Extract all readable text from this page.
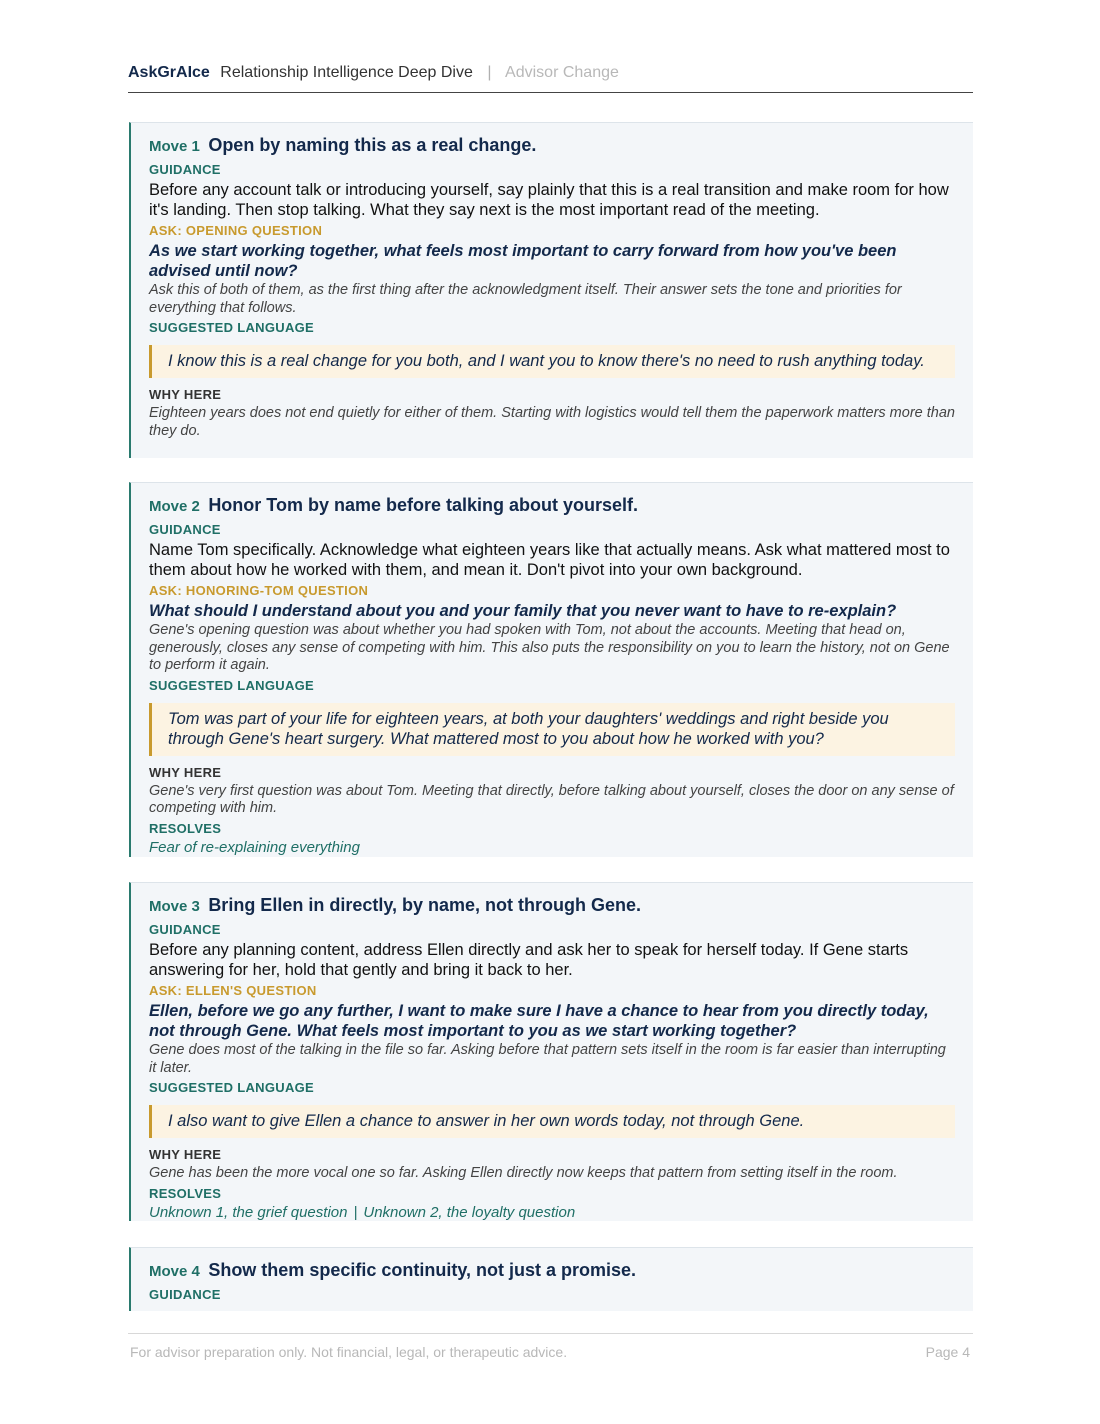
AskGrAIce Relationship Intelligence Deep Dive | Advisor Change
Move 1 Open by naming this as a real change.
GUIDANCE
Before any account talk or introducing yourself, say plainly that this is a real transition and make room for how it's landing. Then stop talking. What they say next is the most important read of the meeting.
ASK: OPENING QUESTION
As we start working together, what feels most important to carry forward from how you've been advised until now?
Ask this of both of them, as the first thing after the acknowledgment itself. Their answer sets the tone and priorities for everything that follows.
SUGGESTED LANGUAGE
I know this is a real change for you both, and I want you to know there's no need to rush anything today.
WHY HERE
Eighteen years does not end quietly for either of them. Starting with logistics would tell them the paperwork matters more than they do.
Move 2 Honor Tom by name before talking about yourself.
GUIDANCE
Name Tom specifically. Acknowledge what eighteen years like that actually means. Ask what mattered most to them about how he worked with them, and mean it. Don't pivot into your own background.
ASK: HONORING-TOM QUESTION
What should I understand about you and your family that you never want to have to re-explain?
Gene's opening question was about whether you had spoken with Tom, not about the accounts. Meeting that head on, generously, closes any sense of competing with him. This also puts the responsibility on you to learn the history, not on Gene to perform it again.
SUGGESTED LANGUAGE
Tom was part of your life for eighteen years, at both your daughters' weddings and right beside you through Gene's heart surgery. What mattered most to you about how he worked with you?
WHY HERE
Gene's very first question was about Tom. Meeting that directly, before talking about yourself, closes the door on any sense of competing with him.
RESOLVES
Fear of re-explaining everything
Move 3 Bring Ellen in directly, by name, not through Gene.
GUIDANCE
Before any planning content, address Ellen directly and ask her to speak for herself today. If Gene starts answering for her, hold that gently and bring it back to her.
ASK: ELLEN'S QUESTION
Ellen, before we go any further, I want to make sure I have a chance to hear from you directly today, not through Gene. What feels most important to you as we start working together?
Gene does most of the talking in the file so far. Asking before that pattern sets itself in the room is far easier than interrupting it later.
SUGGESTED LANGUAGE
I also want to give Ellen a chance to answer in her own words today, not through Gene.
WHY HERE
Gene has been the more vocal one so far. Asking Ellen directly now keeps that pattern from setting itself in the room.
RESOLVES
Unknown 1, the grief question | Unknown 2, the loyalty question
Move 4 Show them specific continuity, not just a promise.
GUIDANCE
For advisor preparation only. Not financial, legal, or therapeutic advice.	Page 4
